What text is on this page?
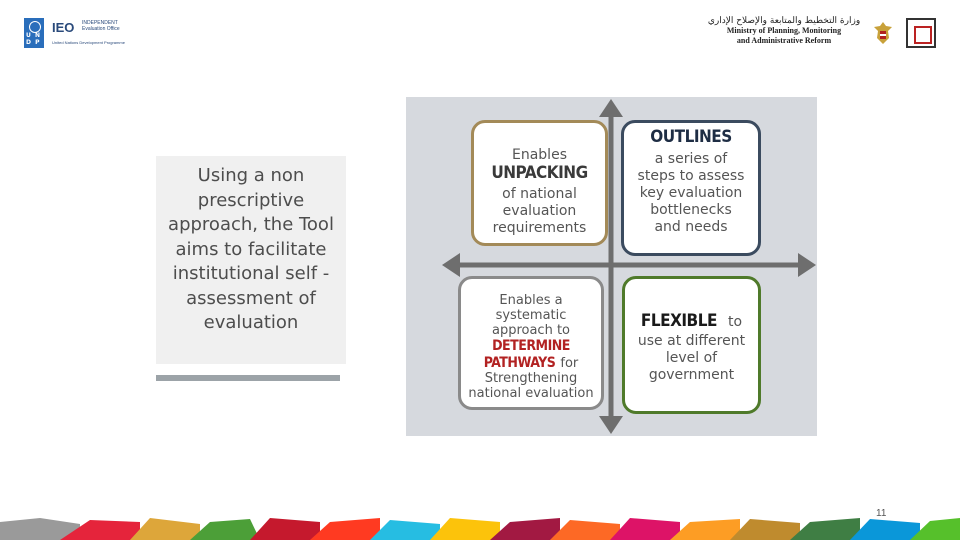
U N D P
IEO INDEPENDENT Evaluation Office
United Nations Development Programme
وزارة التخطيط والمتابعة والإصلاح الإداري
Ministry of Planning, Monitoring
and Administrative Reform
Using a non prescriptive approach, the Tool aims to facilitate institutional self -assessment of evaluation
Enables
UNPACKING
of national evaluation requirements
OUTLINES
a series of steps to assess key evaluation bottlenecks and needs
Enables a systematic approach to
DETERMINE
PATHWAYS for
Strengthening national evaluation
FLEXIBLE to
use at different level of government
11
